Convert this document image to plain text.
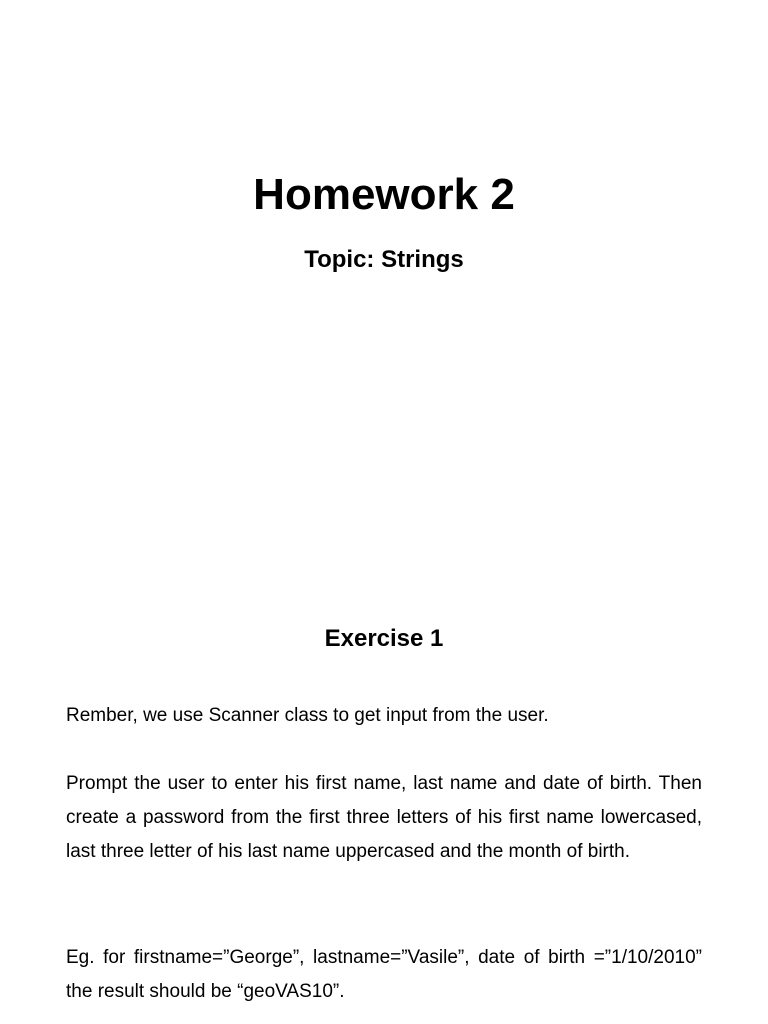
Homework 2
Topic: Strings
Exercise 1

Rember, we use Scanner class to get input from the user.

Prompt the user to enter his first name, last name and date of birth. Then create a password from the first three letters of his first name lowercased, last three letter of his last name uppercased and the month of birth.

Eg. for firstname=”George”, lastname=”Vasile”, date of birth =”1/10/2010” the result should be “geoVAS10”.
